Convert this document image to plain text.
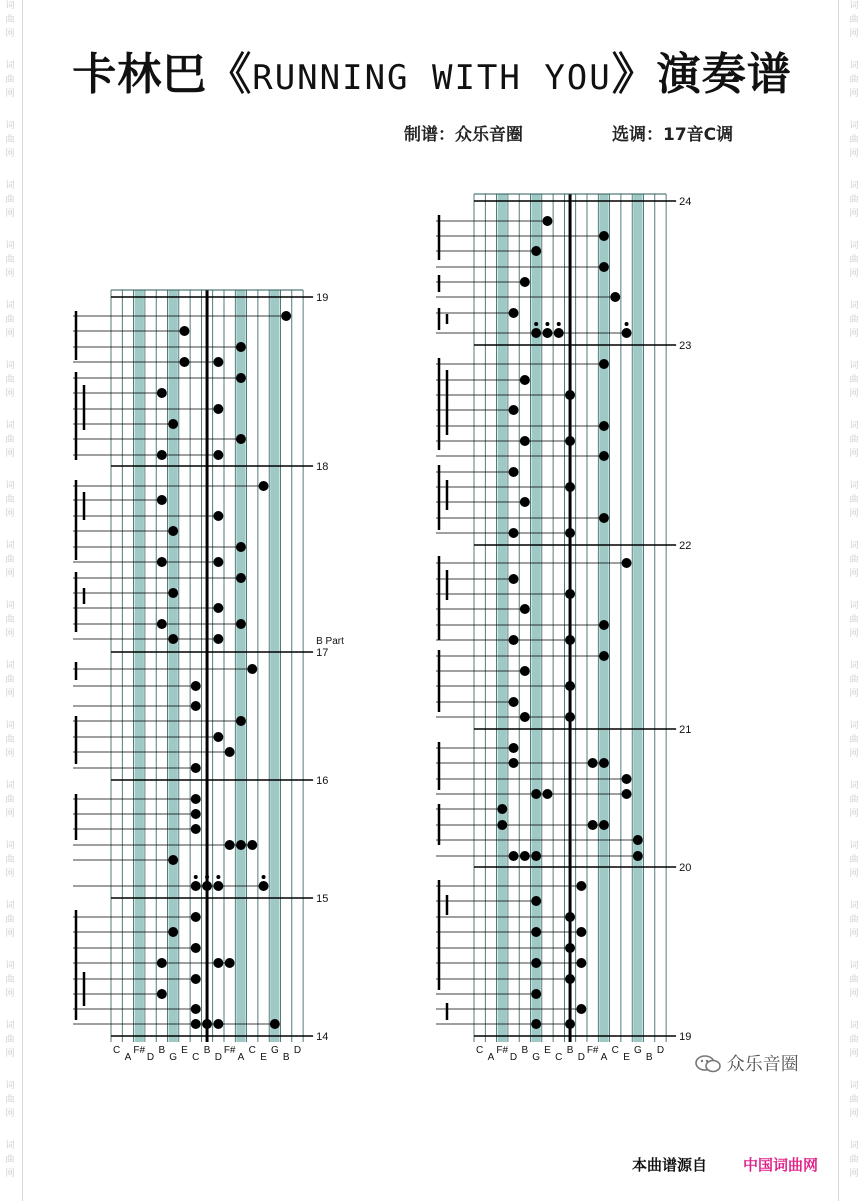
词
曲
网
词
曲
网
词
曲
网
词
曲
网
词
曲
网
词
曲
网
词
曲
网
词
曲
网
词
曲
网
词
曲
网
词
曲
网
词
曲
网
词
曲
网
词
曲
网
词
曲
网
词
曲
网
词
曲
网
词
曲
网
词
曲
网
词
曲
网
词
曲
网
词
曲
网
词
曲
网
词
曲
网
词
曲
网
词
曲
网
词
曲
网
词
曲
网
词
曲
网
词
曲
网
词
曲
网
词
曲
网
词
曲
网
词
曲
网
词
曲
网
词
曲
网
词
曲
网
词
曲
网
词
曲
网
词
曲
网
卡林巴《RUNNING WITH YOU》演奏谱
制谱：众乐音圈	选调：17音C调
19
18
17
B Part
16
15
14
C
A
F#
D
B
G
E
C
B
D
F#
A
C
E
G
B
D
24
23
22
21
20
19
C
A
F#
D
B
G
E
C
B
D
F#
A
C
E
G
B
D
众乐音圈
本曲谱源自 中国词曲网
